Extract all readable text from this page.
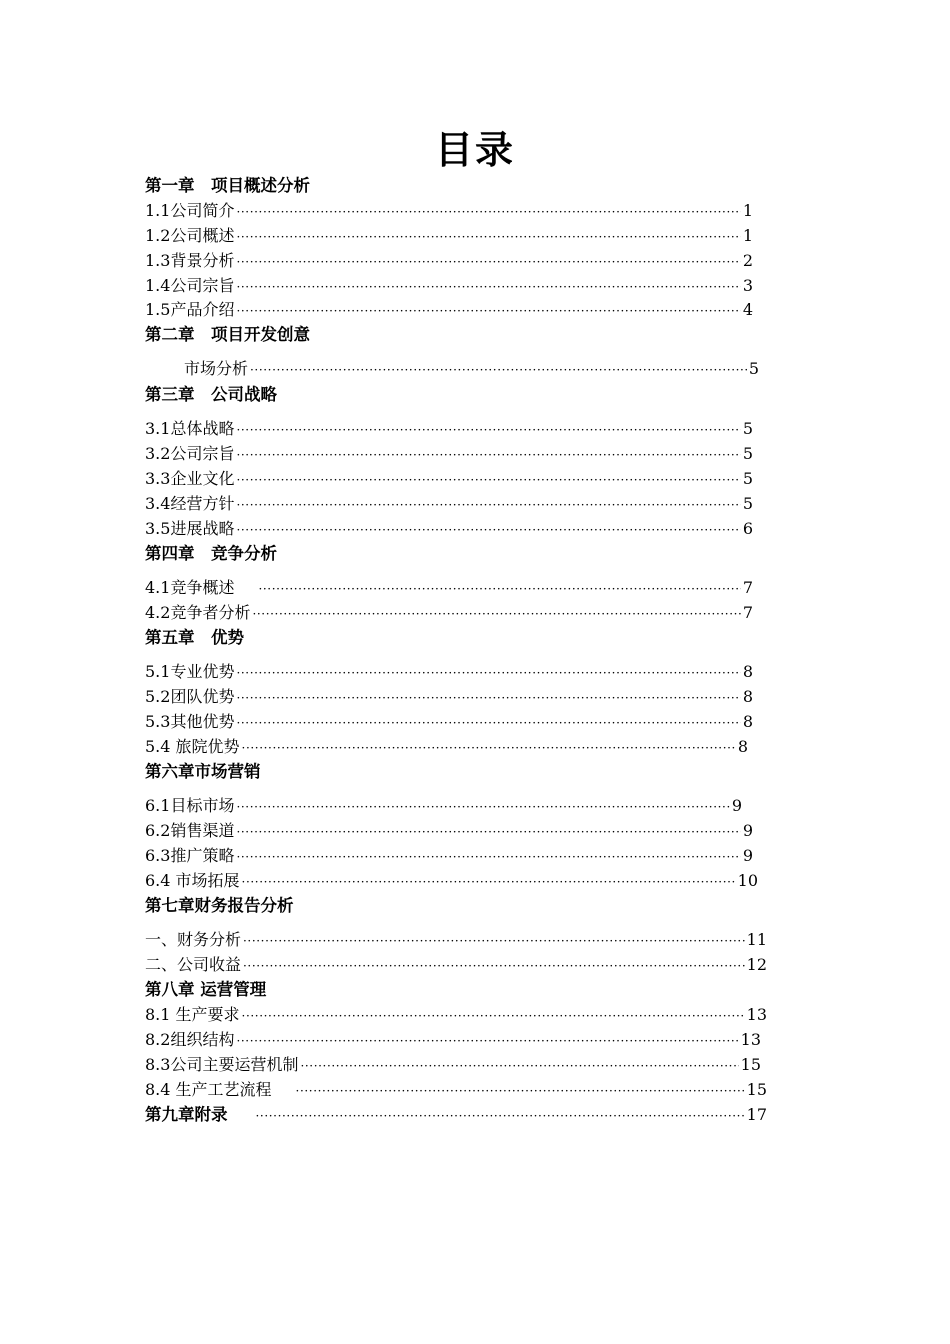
目录
第一章　项目概述分析
1.1公司简介 ·····	1
1.2公司概述 ·····	1
1.3背景分析 ·····	2
1.4公司宗旨 ·····	3
1.5产品介绍 ·····	4
第二章　项目开发创意
市场分析 ·····	5
第三章　公司战略
3.1总体战略 ·····	5
3.2公司宗旨 ·····	5
3.3企业文化 ·····	5
3.4经营方针 ·····	5
3.5进展战略 ·····	6
第四章　竞争分析
4.1竞争概述 ·····	7
4.2竞争者分析 ·····	7
第五章　优势
5.1专业优势 ·····	8
5.2团队优势 ·····	8
5.3其他优势 ·····	8
5.4 旅院优势 ·····	8
第六章市场营销
6.1目标市场 ·····	9
6.2销售渠道 ·····	9
6.3推广策略 ·····	9
6.4 市场拓展 ·····	10
第七章财务报告分析
一、财务分析 ·····	11
二、公司收益 ·····	12
第八章 运营管理
8.1 生产要求 ·····	13
8.2组织结构 ·····	13
8.3公司主要运营机制 ·····	15
8.4 生产工艺流程 ·····	15
第九章附录 ·····	17
